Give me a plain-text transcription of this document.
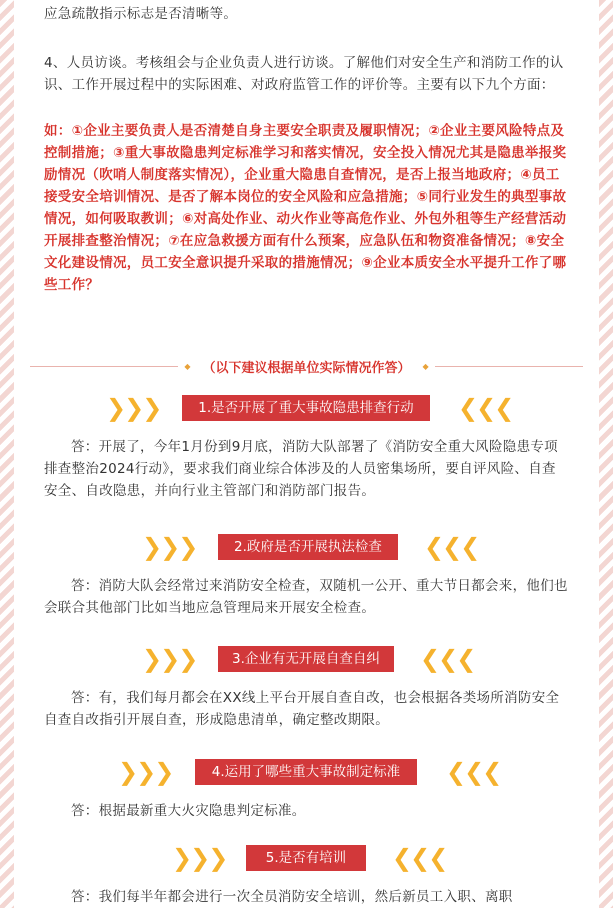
应急疏散指示标志是否清晰等。

4、人员访谈。考核组会与企业负责人进行访谈。了解他们对安全生产和消防工作的认识、工作开展过程中的实际困难、对政府监管工作的评价等。主要有以下九个方面：

如：①企业主要负责人是否清楚自身主要安全职责及履职情况；②企业主要风险特点及控制措施；③重大事故隐患判定标准学习和落实情况，安全投入情况尤其是隐患举报奖励情况（吹哨人制度落实情况），企业重大隐患自查情况，是否上报当地政府；④员工接受安全培训情况、是否了解本岗位的安全风险和应急措施；⑤同行业发生的典型事故情况，如何吸取教训；⑥对高处作业、动火作业等高危作业、外包外租等生产经营活动开展排查整治情况；⑦在应急救援方面有什么预案，应急队伍和物资准备情况；⑧安全文化建设情况，员工安全意识提升采取的措施情况；⑨企业本质安全水平提升工作了哪些工作？

◆ （以下建议根据单位实际情况作答）	◆
❯❯❯	1.是否开展了重大事故隐患排查行动	❮❮❮

答：开展了，今年1月份到9月底，消防大队部署了《消防安全重大风险隐患专项排查整治2024行动》，要求我们商业综合体涉及的人员密集场所，要自评风险、自查安全、自改隐患，并向行业主管部门和消防部门报告。

❯❯❯	2.政府是否开展执法检查	❮❮❮

答：消防大队会经常过来消防安全检查，双随机一公开、重大节日都会来，他们也会联合其他部门比如当地应急管理局来开展安全检查。

❯❯❯	3.企业有无开展自查自纠	❮❮❮

答：有，我们每月都会在XX线上平台开展自查自改，也会根据各类场所消防安全自查自改指引开展自查，形成隐患清单，确定整改期限。

❯❯❯	4.运用了哪些重大事故制定标准	❮❮❮

答：根据最新重大火灾隐患判定标准。

❯❯❯	5.是否有培训	❮❮❮

答：我们每半年都会进行一次全员消防安全培训，然后新员工入职、离职
